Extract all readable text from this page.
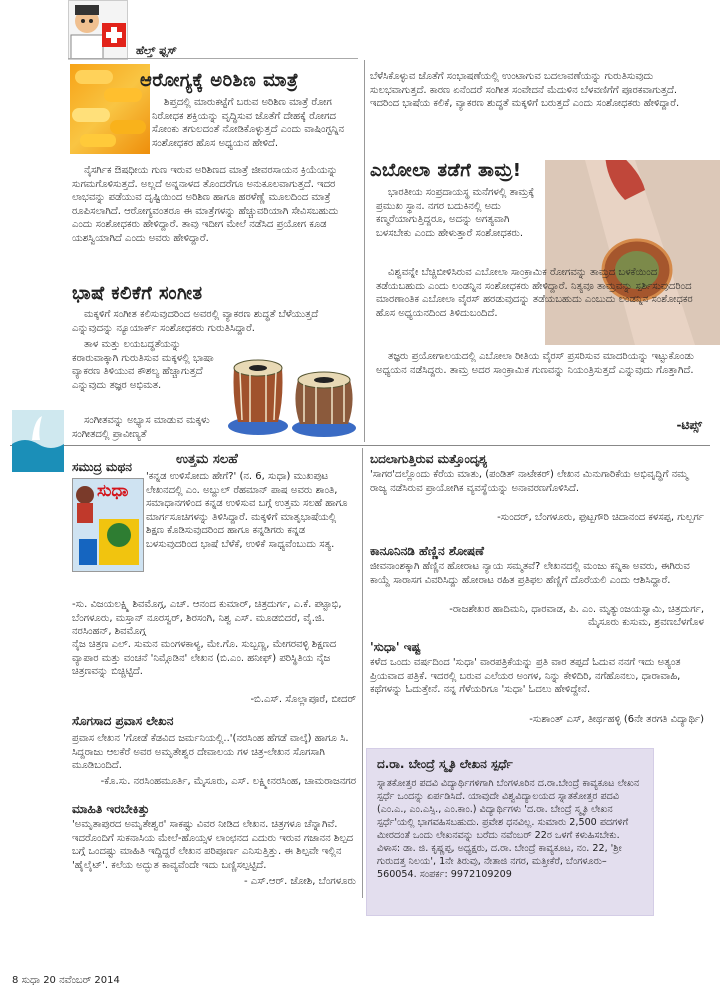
ಹೆಲ್ತ್ ಫ್ಲಸ್
ಆರೋಗ್ಯಕ್ಕೆ ಅರಿಶಿಣ ಮಾತ್ರೆ
ಶಿಪ್ತದಲ್ಲಿ ಮಾರುಕಟ್ಟೆಗೆ ಬರುವ ಅರಿಶಿಣ ಮಾತ್ರೆ ರೋಗ ನಿರೋಧಕ ಶಕ್ತಿಯನ್ನು ವೃದ್ಧಿಸುವ ಜೊತೆಗೆ ದೇಹಕ್ಕೆ ರೋಗದ ಸೋಂಕು ತಗುಲದಂತೆ ನೋಡಿಕೊಳ್ಳುತ್ತದೆ ಎಂದು ವಾಷಿಂಗ್ಟನ್ನಿನ ಸಂಶೋಧಕರ ಹೊಸ ಅಧ್ಯಯನ ಹೇಳಿದೆ.
ನೈಸರ್ಗಿಕ ಔಷಧೀಯ ಗುಣ ಇರುವ ಅರಿಶಿಣದ ಮಾತ್ರೆ ಜೀವರಸಾಯನ ಕ್ರಿಯೆಯನ್ನು ಸುಗಮಗೊಳಿಸುತ್ತದೆ. ಅಲ್ಲದೆ ಅನ್ನನಾಳದ ತೊಂದರೆಗೂ ಅನುಕೂಲವಾಗುತ್ತದೆ. ಇದರ ಲಾಭವನ್ನು ಪಡೆಯುವ ದೃಷ್ಟಿಯಿಂದ ಅರಿಶಿಣ ಹಾಗೂ ಹರಳೆಣ್ಣೆ ಮೂಲದಿಂದ ಮಾತ್ರೆ ರೂಪಿಸಲಾಗಿದೆ. ಆರೋಗ್ಯವಂತರೂ ಈ ಮಾತ್ರೆಗಳನ್ನು ಹೆಚ್ಚುವರಿಯಾಗಿ ಸೇವಿಸಬಹುದು ಎಂದು ಸಂಶೋಧಕರು ಹೇಳಿದ್ದಾರೆ. ತಾವು ಇದೀಗ ಮೇಲೆ ನಡೆಸಿದ ಪ್ರಯೋಗ ಕೂಡ ಯಶಸ್ವಿಯಾಗಿದೆ ಎಂದು ಅವರು ಹೇಳಿದ್ದಾರೆ.
ಭಾಷೆ ಕಲಿಕೆಗೆ ಸಂಗೀತ
ಮಕ್ಕಳಿಗೆ ಸಂಗೀತ ಕಲಿಸುವುದರಿಂದ ಅವರಲ್ಲಿ ವ್ಯಾಕರಣ ಶುದ್ಧತೆ ಬೆಳೆಯುತ್ತದೆ ಎನ್ನುವುದನ್ನು ನ್ಯೂಯಾರ್ಕ್ ಸಂಶೋಧಕರು ಗುರುತಿಸಿದ್ದಾರೆ.
ತಾಳ ಮತ್ತು ಲಯಬದ್ಧತೆಯನ್ನು ಕರಾರುವಾಕ್ಕಾಗಿ ಗುರುತಿಸುವ ಮಕ್ಕಳಲ್ಲಿ ಭಾಷಾ ವ್ಯಾಕರಣ ತಿಳಿಯುವ ಕೌಶಲ್ಯ ಹೆಚ್ಚಾಗುತ್ತದೆ ಎನ್ನುವುದು ತಜ್ಞರ ಅಭಿಮತ.
ಸಂಗೀತವನ್ನು ಅಭ್ಯಾಸ ಮಾಡುವ ಮಕ್ಕಳು ಸಂಗೀತದಲ್ಲಿ ಪ್ರಾವೀಣ್ಯತೆ
ಬೆಳೆಸಿಕೊಳ್ಳುವ ಜೊತೆಗೆ ಸಂಭಾಷಣೆಯಲ್ಲಿ ಉಂಟಾಗುವ ಬದಲಾವಣೆಯನ್ನು ಗುರುತಿಸುವುದು ಸುಲಭವಾಗುತ್ತದೆ. ಕಾರಣ ಏನೆಂದರೆ ಸಂಗೀತ ಸಂವೇದನೆ ಮೆದುಳಿನ ಬೆಳವಣಿಗೆಗೆ ಪೂರಕವಾಗುತ್ತದೆ. ಇದರಿಂದ ಭಾಷೆಯ ಕಲಿಕೆ, ವ್ಯಾಕರಣ ಶುದ್ಧತೆ ಮಕ್ಕಳಿಗೆ ಬರುತ್ತದೆ ಎಂದು ಸಂಶೋಧಕರು ಹೇಳಿದ್ದಾರೆ.
ಎಬೋಲಾ ತಡೆಗೆ ತಾಮ್ರ!
ಭಾರತೀಯ ಸಂಪ್ರದಾಯಸ್ಥ ಮನೆಗಳಲ್ಲಿ ತಾಮ್ರಕ್ಕೆ ಪ್ರಮುಖ ಸ್ಥಾನ. ನಗರ ಬದುಕಿನಲ್ಲಿ ಅದು ಕಣ್ಮರೆಯಾಗುತ್ತಿದ್ದರೂ, ಅದನ್ನು ಅಗತ್ಯವಾಗಿ ಬಳಸಬೇಕು ಎಂದು ಹೇಳುತ್ತಾರೆ ಸಂಶೋಧಕರು.
ವಿಶ್ವವನ್ನೇ ಬೆಚ್ಚಿಬೀಳಿಸಿರುವ ಎಬೋಲಾ ಸಾಂಕ್ರಾಮಿಕ ರೋಗವನ್ನು ತಾಮ್ರದ ಬಳಕೆಯಿಂದ ತಡೆಯಬಹುದು ಎಂದು ಲಂಡನ್ನಿನ ಸಂಶೋಧಕರು ಹೇಳಿದ್ದಾರೆ. ನಿತ್ಯವೂ ತಾಮ್ರವನ್ನು ಸ್ಪರ್ಶಿಸುವುದರಿಂದ ಮಾರಣಾಂತಿಕ ಎಬೋಲಾ ವೈರಸ್ ಹರಡುವುದನ್ನು ತಡೆಯಬಹುದು ಎಂಬುದು ಲಂಡನ್ನಿನ ಸಂಶೋಧಕರ ಹೊಸ ಅಧ್ಯಯನದಿಂದ ತಿಳಿದುಬಂದಿದೆ.
ತಜ್ಞರು ಪ್ರಯೋಗಾಲಯದಲ್ಲಿ ಎಬೋಲಾ ರೀತಿಯ ವೈರಸ್ ಪ್ರಸರಿಸುವ ಮಾದರಿಯನ್ನು ಇಟ್ಟುಕೊಂಡು ಅಧ್ಯಯನ ನಡೆಸಿದ್ದರು. ತಾಮ್ರ ಅದರ ಸಾಂಕ್ರಾಮಿಕ ಗುಣವನ್ನು ನಿಯಂತ್ರಿಸುತ್ತದೆ ಎನ್ನುವುದು ಗೊತ್ತಾಗಿದೆ.
-ಟಿಪ್ಸ್
ಸಮುದ್ರ ಮಥನ	ಉತ್ತಮ ಸಲಹೆ
ಸುಧಾ
'ಕನ್ನಡ ಉಳಿಸೋದು ಹೇಗೆ?' (ನ. 6, ಸುಧಾ) ಮುಖಪುಟ ಲೇಖನದಲ್ಲಿ ಎಂ. ಅಬ್ದುಲ್ ರೆಹಮಾನ್ ಪಾಷ ಅವರು ಶಾಂತಿ, ಸಮಾಧಾನಗಳಿಂದ ಕನ್ನಡ ಉಳಿಸುವ ಬಗ್ಗೆ ಉತ್ತಮ ಸಲಹೆ ಹಾಗೂ ಮಾರ್ಗಸೂಚಿಗಳನ್ನು ತಿಳಿಸಿದ್ದಾರೆ. ಮಕ್ಕಳಿಗೆ ಮಾತೃಭಾಷೆಯಲ್ಲಿ ಶಿಕ್ಷಣ ಕೊಡಿಸುವುದರಿಂದ ಹಾಗೂ ಕನ್ನಡಿಗರು ಕನ್ನಡ ಬಳಸುವುದರಿಂದ ಭಾಷೆ ಬೆಳೆಕೆ, ಉಳಿಕೆ ಸಾಧ್ಯವೆಂಬುದು ಸತ್ಯ.
-ಸು. ವಿಜಯಲಕ್ಷ್ಮಿ ಶಿವಮೊಗ್ಗ, ಎಚ್. ಆನಂದ ಕುಮಾರ್, ಚಿತ್ರದುರ್ಗ, ಎ.ಕೆ. ಪಟ್ಟಾಭಿ, ಬೆಂಗಳೂರು, ಮಸ್ತಾನ್ ನೂರಸ್ವರ್, ಶಿರಸಂಗಿ, ನಿಶ್ವ ಎಸ್. ಮೂಡಬಿದರೆ, ವೈ.ಜಿ. ನರಸಿಂಹನ್, ಶಿವಮೊಗ್ಗ
ನೈಜ ಚಿತ್ರಣ ಎಲ್. ಸುಮನ ಮಂಗಳಕಾಳ್ಯ, ಮೇ.ಗೊ. ಸುಬ್ಬಣ್ಣ, ಮೇಗರವಳ್ಳಿ ಶಿಕ್ಷಣದ ವ್ಯಾಪಾರ ಮತ್ತು ವಂಚನೆ 'ನಿಮ್ಗೊಡಿನ' ಲೇಖನ (ಬಿ.ಎಂ. ಹನೀಫ್) ಪರಿಸ್ಥಿತಿಯ ನೈಜ ಚಿತ್ರಣವನ್ನು ಬಿಚ್ಚಿಟ್ಟಿದೆ.
-ಬಿ.ಎಸ್. ಸೊಲ್ಲಾಪೂರೆ, ಬೀದರ್
ಸೊಗಸಾದ ಪ್ರವಾಸ ಲೇಖನ
ಪ್ರವಾಸ ಲೇಖನ 'ಗೋಡೆ ಕೆಡವಿದ ಜರ್ಮನಿಯಲ್ಲಿ..'(ನರಸಿಂಹ ಹೆಗಡೆ ವಾಲ್ಕೆ) ಹಾಗೂ ಸಿ. ಸಿದ್ದರಾಜು ಆಲಕೆರೆ ಅವರ ಅಮೃತೇಶ್ವರ ದೇವಾಲಯ ಗಳ ಚಿತ್ರ-ಲೇಖನ ಸೊಗಸಾಗಿ ಮೂಡಿಬಂದಿದೆ.
-ಕೊ.ಸು. ನರಸಿಂಹಮೂರ್ತಿ, ಮೈಸೂರು, ಎಸ್. ಲಕ್ಷ್ಮೀನರಸಿಂಹ, ಚಾಮರಾಜನಗರ
ಮಾಹಿತಿ ಇರಬೇಕಿತ್ತು
'ಅಮೃತಾಪುರದ ಅಮೃತೇಶ್ವರ' ಸಾಕಷ್ಟು ವಿವರ ನೀಡಿದ ಲೇಖನ. ಚಿತ್ರಗಳೂ ಚೆನ್ನಾಗಿವೆ. ಇದರೊಂದಿಗೆ ಸುಕನಾಸಿಯ ಮೇಲೆ-ಹೊಯ್ಸಳ ಲಾಂಛನದ ಎದುರು ಇರುವ ಗಜಾನನ ಶಿಲ್ಪದ ಬಗ್ಗೆ ಒಂದಷ್ಟು ಮಾಹಿತಿ ಇದ್ದಿದ್ದರೆ ಲೇಖನ ಪರಿಪೂರ್ಣ ಎನಿಸುತ್ತಿತ್ತು. ಈ ಶಿಲ್ಪವೇ ಇಲ್ಲಿನ 'ಹೈಲೈಟ್'. ಕಲೆಯ ಅದ್ಭುತ ಕಾವ್ಯವೆಂದೇ ಇದು ಬಣ್ಣಿಸಲ್ಪಟ್ಟಿದೆ.
- ಎಸ್.ಆರ್. ಜೋಶಿ, ಬೆಂಗಳೂರು
ಬದಲಾಗುತ್ತಿರುವ ಮತ್ತೊಂದೃಶ್ಯ
'ಸಾಗರ'ದಲ್ಲೊಂದು ಕೆರೆಯ ಮಾತು, (ಪಂಡಿತ್ ನಾಟೇಕರ್) ಲೇಖನ ಮಿನುಗಾರಿಕೆಯ ಅಭಿವೃದ್ಧಿಗೆ ನಮ್ಮ ರಾಜ್ಯ ನಡೆಸಿರುವ ಪ್ರಾಯೋಗಿಕ ವ್ಯವಸ್ಥೆಯನ್ನು ಅನಾವರಣಗೊಳಿಸಿದೆ.
-ಸುಂದರ್, ಬೆಂಗಳೂರು, ಫುಟ್ಬಗೌರಿ ಚಿದಾನಂದ ಕಳಸಪ್ಪ, ಗುಲ್ಬರ್ಗ
ಕಾನೂನಿನಡಿ ಹೆಣ್ಣಿನ ಶೋಷಣೆ
ಜೀವನಾಂಶಕ್ಕಾಗಿ ಹೆಣ್ಣಿನ ಹೋರಾಟ ನ್ಯಾಯ ಸಮ್ಮತವೆ? ಲೇಖನದಲ್ಲಿ ಮಂಜು ಕನ್ನಿಕಾ ಅವರು, ಈಗಿರುವ ಕಾಯ್ದೆ ಸಾರಾಸಗ ವಿವರಿಸಿದ್ದು ಹೋರಾಟ ರಹಿತ ಪ್ರತಿಫಲ ಹೆಣ್ಣಿಗೆ ದೊರೆಯಲಿ ಎಂದು ಆಶಿಸಿದ್ದಾರೆ.
-ರಾಜಶೇಖರ ಹಾದಿಮನಿ, ಧಾರವಾಡ, ಪಿ. ಎಂ. ಮೃತ್ಯುಂಜಯಸ್ವಾಮಿ, ಚಿತ್ರದುರ್ಗ, ಮೈಸೂರು ಕುಸುಮ, ಶ್ರವಣಬೆಳಗೊಳ
'ಸುಧಾ' ಇಷ್ಟ
ಕಳೆದ ಒಂದು ವರ್ಷದಿಂದ 'ಸುಧಾ' ವಾರಪತ್ರಿಕೆಯನ್ನು ಪ್ರತಿ ವಾರ ತಪ್ಪದೆ ಓದುವ ನನಗೆ ಇದು ಅತ್ಯಂತ ಪ್ರಿಯವಾದ ಪತ್ರಿಕೆ. ಇದರಲ್ಲಿ ಬರುವ ಎಲೆಯರ ಅಂಗಳ, ನಿನ್ನು ಕೇಳಿದಿರಿ, ನಗೆಹೊನಲು, ಧಾರಾವಾಹಿ, ಕಥೆಗಳನ್ನು ಓದುತ್ತೇನೆ. ನನ್ನ ಗೆಳೆಯರಿಗೂ 'ಸುಧಾ' ಓದಲು ಹೇಳಿದ್ದೇನೆ.
-ಸುಶಾಂತ್ ಎಸ್, ತೀರ್ಥಹಳ್ಳಿ (6ನೇ ತರಗತಿ ವಿದ್ಯಾರ್ಥಿ)
ದ.ರಾ. ಬೇಂದ್ರೆ ಸ್ಮೃತಿ ಲೇಖನ ಸ್ಪರ್ಧೆ
ಸ್ನಾತಕೋತ್ತರ ಪದವಿ ವಿದ್ಯಾರ್ಥಿಗಳಿಗಾಗಿ ಬೆಂಗಳೂರಿನ ದ.ರಾ.ಬೇಂದ್ರೆ ಕಾವ್ಯಕೂಟ ಲೇಖನ ಸ್ಪರ್ಧೆ ಒಂದನ್ನು ಏರ್ಪಡಿಸಿದೆ. ಯಾವುದೇ ವಿಶ್ವವಿದ್ಯಾಲಯದ ಸ್ನಾತಕೋತ್ತರ ಪದವಿ (ಎಂ.ಎ., ಎಂ.ಎಸ್ಸಿ., ಎಂ.ಕಾಂ.) ವಿದ್ಯಾರ್ಥಿಗಳು 'ದ.ರಾ. ಬೇಂದ್ರೆ ಸ್ಮೃತಿ ಲೇಖನ ಸ್ಪರ್ಧೆ'ಯಲ್ಲಿ ಭಾಗವಹಿಸಬಹುದು. ಪ್ರವೇಶ ಧನವಿಲ್ಲ. ಸುಮಾರು 2,500 ಪದಗಳಿಗೆ ಮೀರದಂತೆ ಒಂದು ಲೇಖನವನ್ನು ಬರೆದು ನವೆಂಬರ್ 22ರ ಒಳಗೆ ಕಳುಹಿಸಬೇಕು. ವಿಳಾಸ: ಡಾ. ಜಿ. ಕೃಷ್ಣಪ್ಪ, ಅಧ್ಯಕ್ಷರು, ದ.ರಾ. ಬೇಂದ್ರೆ ಕಾವ್ಯಕೂಟ, ನಂ. 22, 'ಶ್ರೀ ಗುರುದತ್ತ ನಿಲಯ', 1ನೇ ತಿರುವು, ನೇತಾಜಿ ನಗರ, ಮತ್ತೀಕೆರೆ, ಬೆಂಗಳೂರು–560054. ಸಂಪರ್ಕ: 9972109209
8 ಸುಧಾ 20 ನವೆಂಬರ್ 2014
